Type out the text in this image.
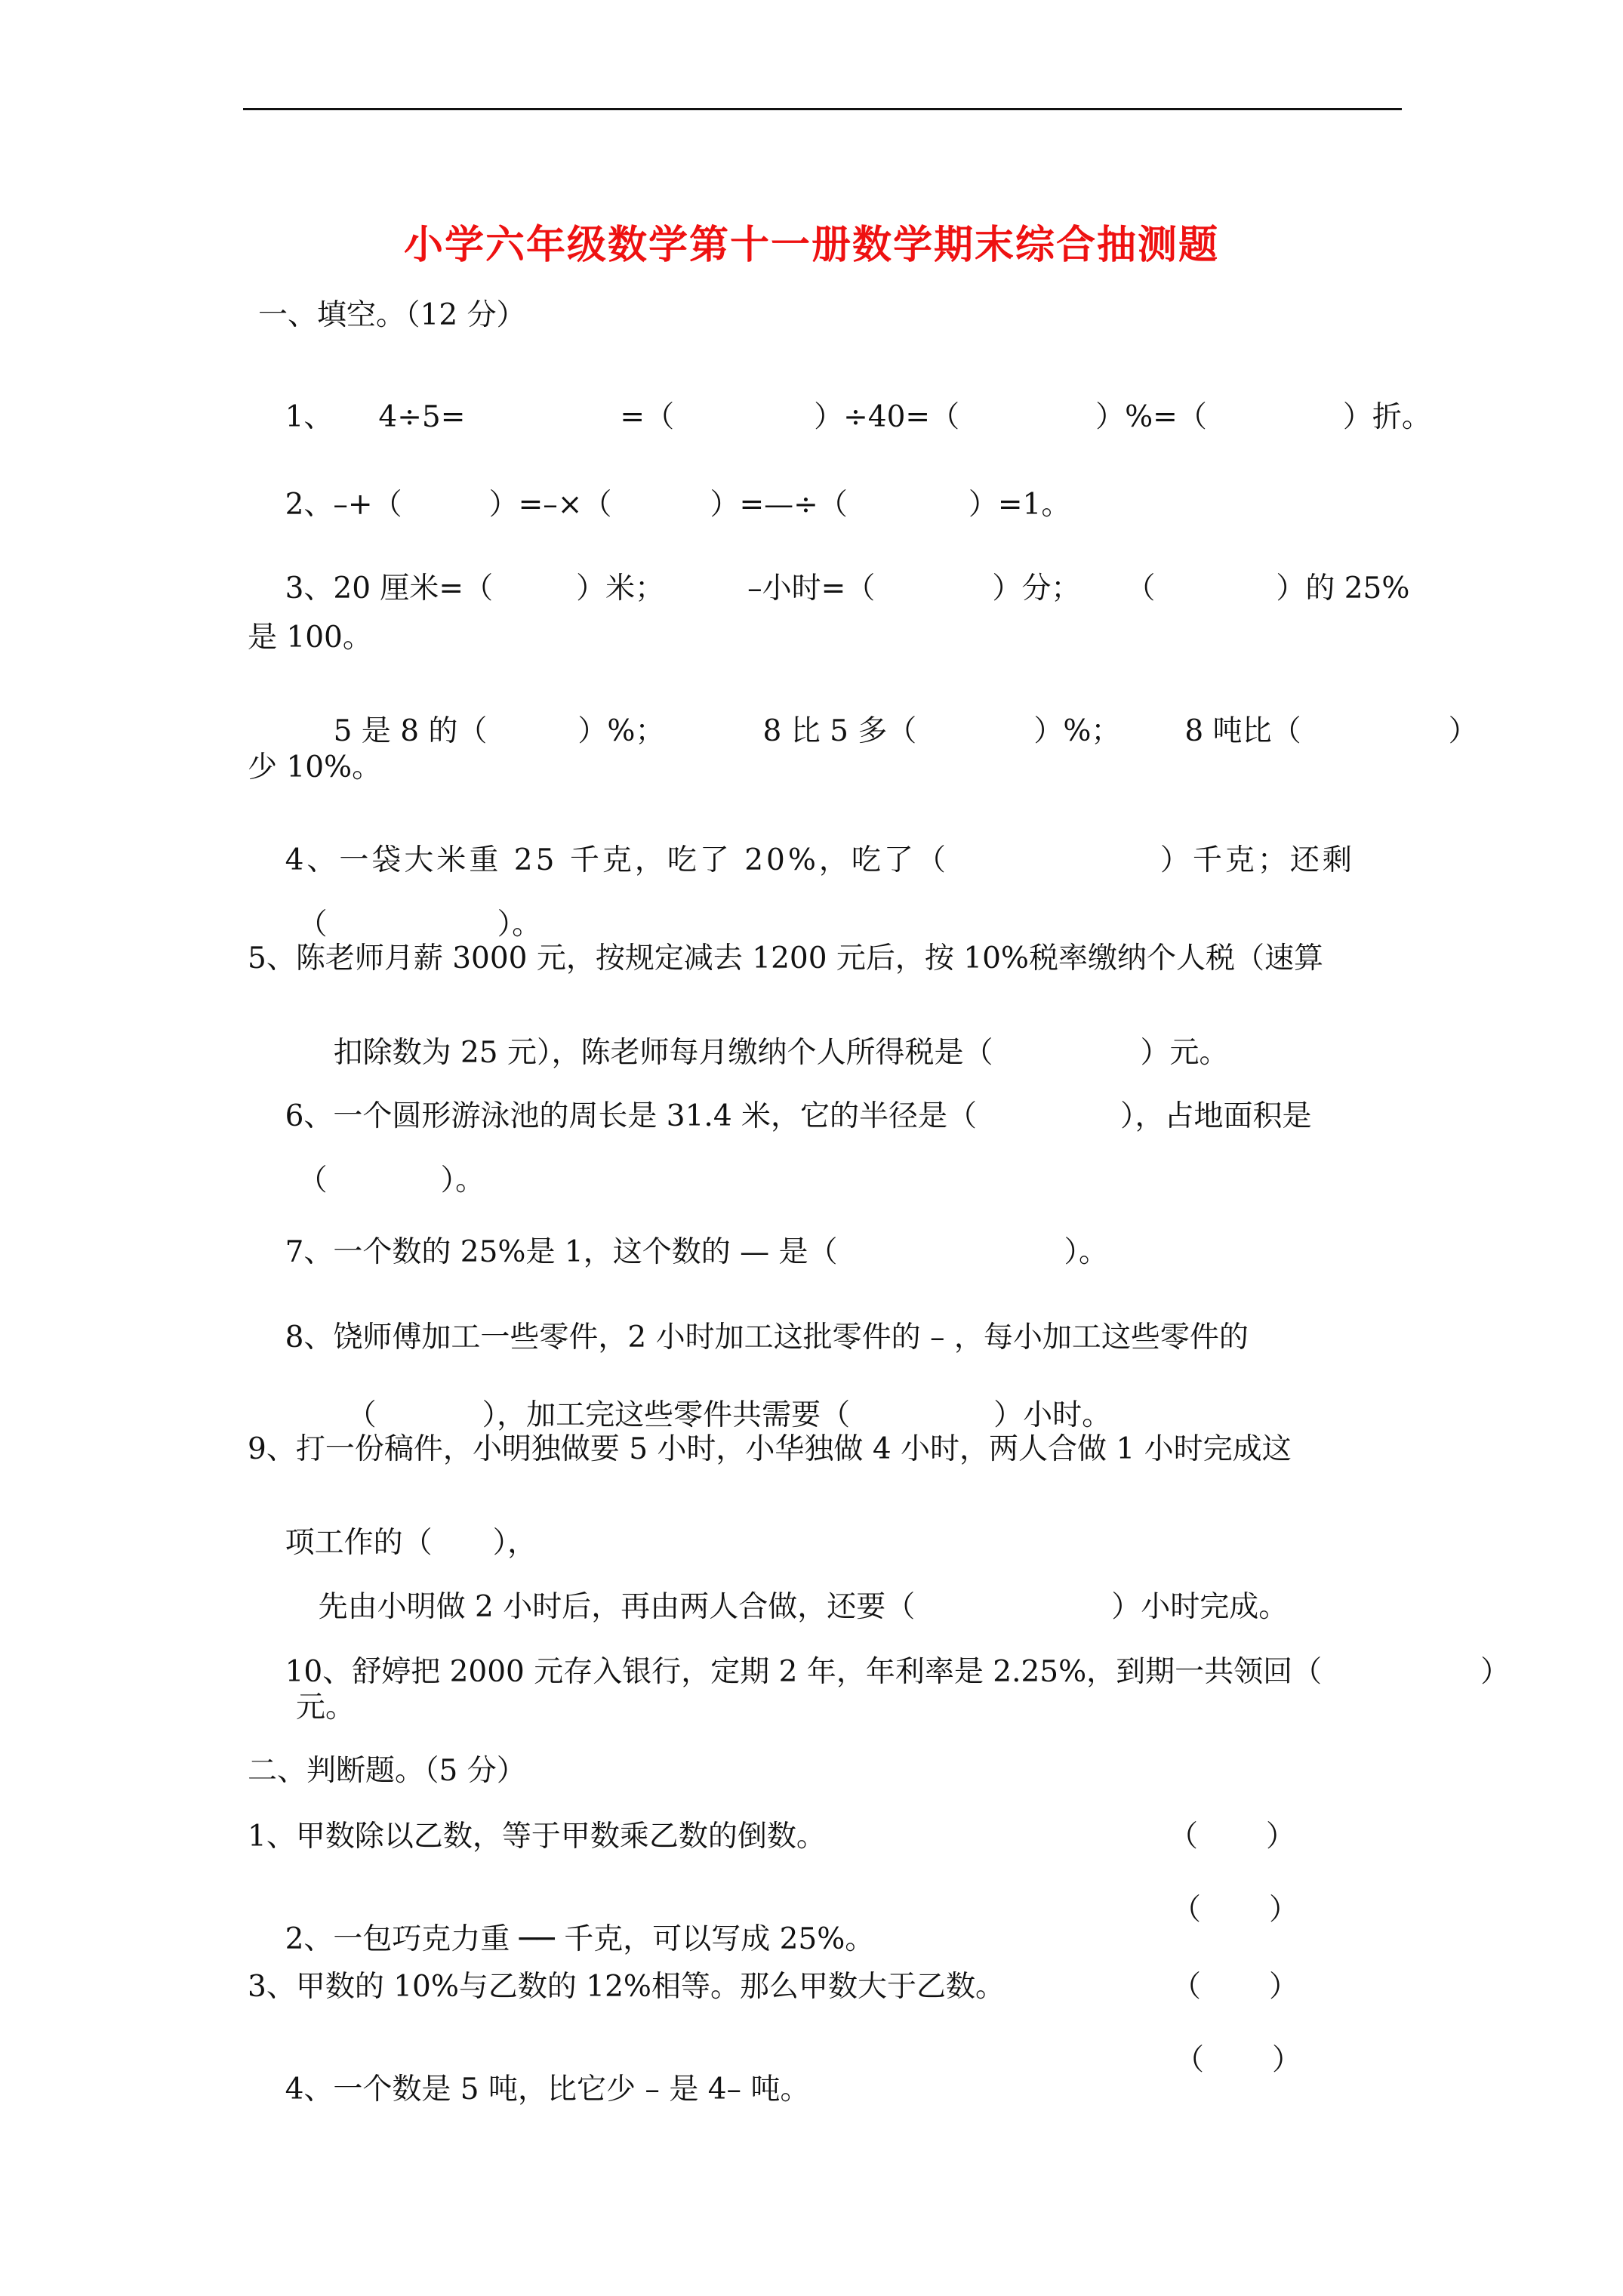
小学六年级数学第十一册数学期末综合抽测题
一、填空。（12 分）

1、 4÷5=	=（	）÷40=（	）%=（	）折。

2、–+（	）=–×（	）=—÷（	）=1。

3、20 厘米=（	）米；	–小时=（	）分； （	）的 25%

是 100。

5 是 8 的（	）%；	8 比 5 多（	）%； 8 吨比（	）

少 10%。

4、一袋大米重 25 千克，吃了 20%，吃了（	）千克；还剩

（	）。

5、陈老师月薪 3000 元，按规定减去 1200 元后，按 10%税率缴纳个人税（速算

扣除数为 25 元），陈老师每月缴纳个人所得税是（	）元。

6、一个圆形游泳池的周长是 31.4 米，它的半径是（	），占地面积是

（	）。

7、一个数的 25%是 1，这个数的 — 是（	）。

8、饶师傅加工一些零件，2 小时加工这批零件的 – ，每小加工这些零件的

（	），加工完这些零件共需要（	）小时。

9、打一份稿件，小明独做要 5 小时，小华独做 4 小时，两人合做 1 小时完成这

项工作的（ ），

先由小明做 2 小时后，再由两人合做，还要（	）小时完成。

10、舒婷把 2000 元存入银行，定期 2 年，年利率是 2.25%，到期一共领回（	）

元。
二、判断题。（5 分）
1、甲数除以乙数，等于甲数乘乙数的倒数。	（ ）

2、一包巧克力重 ── 千克，可以写成 25%。

（ ）
3、甲数的 10%与乙数的 12%相等。那么甲数大于乙数。	（ ）

4、一个数是 5 吨，比它少 – 是 4– 吨。

（ ）
